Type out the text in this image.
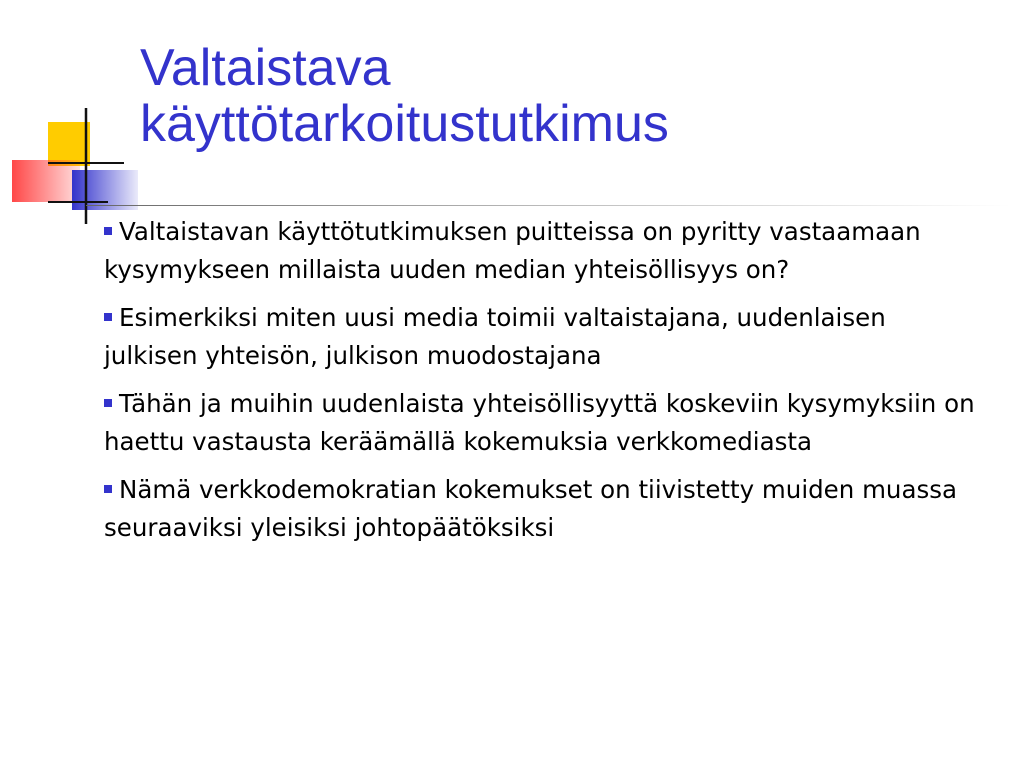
Valtaistava
käyttötarkoitustutkimus
Valtaistavan käyttötutkimuksen puitteissa on pyritty vastaamaan kysymykseen millaista uuden median yhteisöllisyys on?
Esimerkiksi miten uusi media toimii valtaistajana, uudenlaisen julkisen yhteisön, julkison muodostajana
Tähän ja muihin uudenlaista yhteisöllisyyttä koskeviin kysymyksiin on haettu vastausta keräämällä kokemuksia verkkomediasta
Nämä verkkodemokratian kokemukset on tiivistetty muiden muassa seuraaviksi yleisiksi johtopäätöksiksi
